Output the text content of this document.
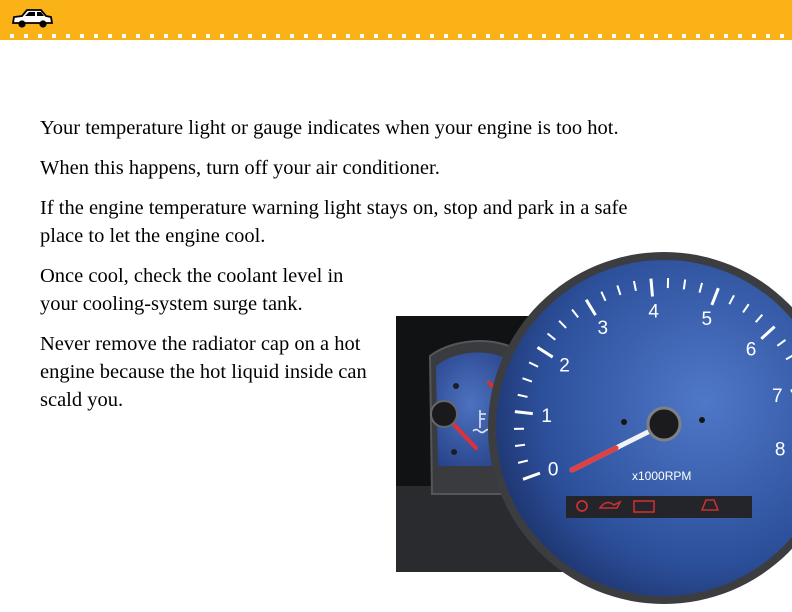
Your temperature light or gauge indicates when your engine is too hot.

When this happens, turn off your air conditioner.

If the engine temperature warning light stays on, stop and park in a safe place to let the engine cool.

Once cool, check the coolant level in your cooling-system surge tank.

Never remove the radiator cap on a hot engine because the hot liquid inside can scald you.

0
1
2
3
4 5
6
7
8
x1000RPM
